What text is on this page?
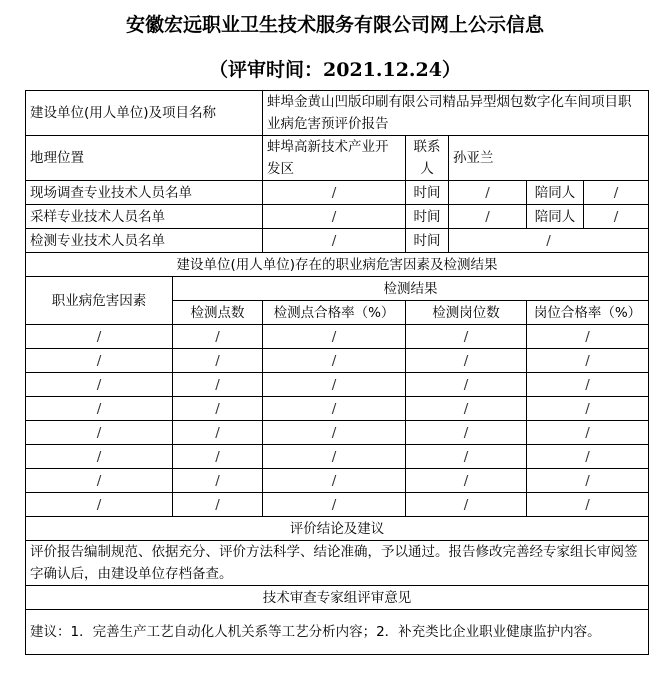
安徽宏远职业卫生技术服务有限公司网上公示信息
（评审时间：2021.12.24）
建设单位(用人单位)及项目名称		蚌埠金黄山凹版印刷有限公司精品异型烟包数字化车间项目职业病危害预评价报告				
地理位置		蚌埠高新技术产业开发区	联系人	孙亚兰		
现场调查专业技术人员名单		/	时间	/	陪同人	/
采样专业技术人员名单		/	时间	/	陪同人	/
检测专业技术人员名单		/	时间	/		
建设单位(用人单位)存在的职业病危害因素及检测结果						
职业病危害因素	检测结果					
	检测点数	检测点合格率（%）	检测岗位数		岗位合格率（%）	
/	/	/	/		/	
/	/	/	/		/	
/	/	/	/		/	
/	/	/	/		/	
/	/	/	/		/	
/	/	/	/		/	
/	/	/	/		/	
/	/	/	/		/	
评价结论及建议						
评价报告编制规范、依据充分、评价方法科学、结论准确，予以通过。报告修改完善经专家组长审阅签字确认后，由建设单位存档备查。						
技术审查专家组评审意见						
建议：1．完善生产工艺自动化人机关系等工艺分析内容；2．补充类比企业职业健康监护内容。						
